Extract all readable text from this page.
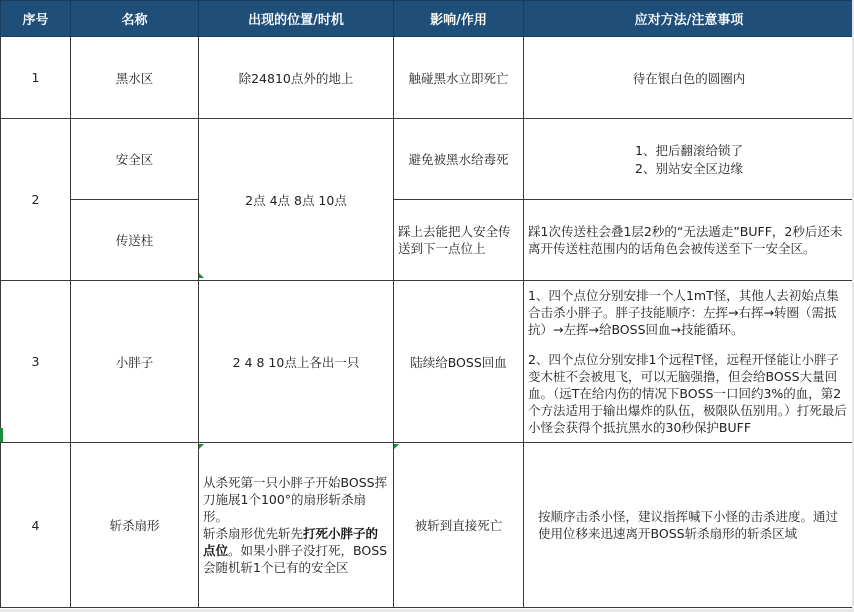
序号	名称	出现的位置/时机	影响/作用	应对方法/注意事项
1	黑水区	除24810点外的地上	触碰黑水立即死亡	待在银白色的圆圈内
2	安全区	2点 4点 8点 10点	避免被黑水给毒死	1、把后翻滚给锁了
2、别站安全区边缘

	传送柱		踩上去能把人安全传送到下一点位上	踩1次传送柱会叠1层2秒的“无法遁走”BUFF，2秒后还未离开传送柱范围内的话角色会被传送至下一安全区。
3	小胖子	2 4 8 10点上各出一只	陆续给BOSS回血	1、四个点位分别安排一个人1mT怪，其他人去初始点集合击杀小胖子。胖子技能顺序：左挥→右挥→转圈（需抵抗）→左挥→给BOSS回血→技能循环。
2、四个点位分别安排1个远程T怪，远程开怪能让小胖子变木桩不会被甩飞，可以无脑强撸，但会给BOSS大量回血。（远T在给内伤的情况下BOSS一口回约3%的血，第2个方法适用于输出爆炸的队伍，极限队伍别用。）打死最后小怪会获得个抵抗黑水的30秒保护BUFF

4	斩杀扇形	从杀死第一只小胖子开始BOSS挥刀施展1个100°的扇形斩杀扇形。
斩杀扇形优先斩先打死小胖子的点位。如果小胖子没打死，BOSS会随机斩1个已有的安全区	被斩到直接死亡	按顺序击杀小怪，建议指挥喊下小怪的击杀进度。通过使用位移来迅速离开BOSS斩杀扇形的斩杀区域
